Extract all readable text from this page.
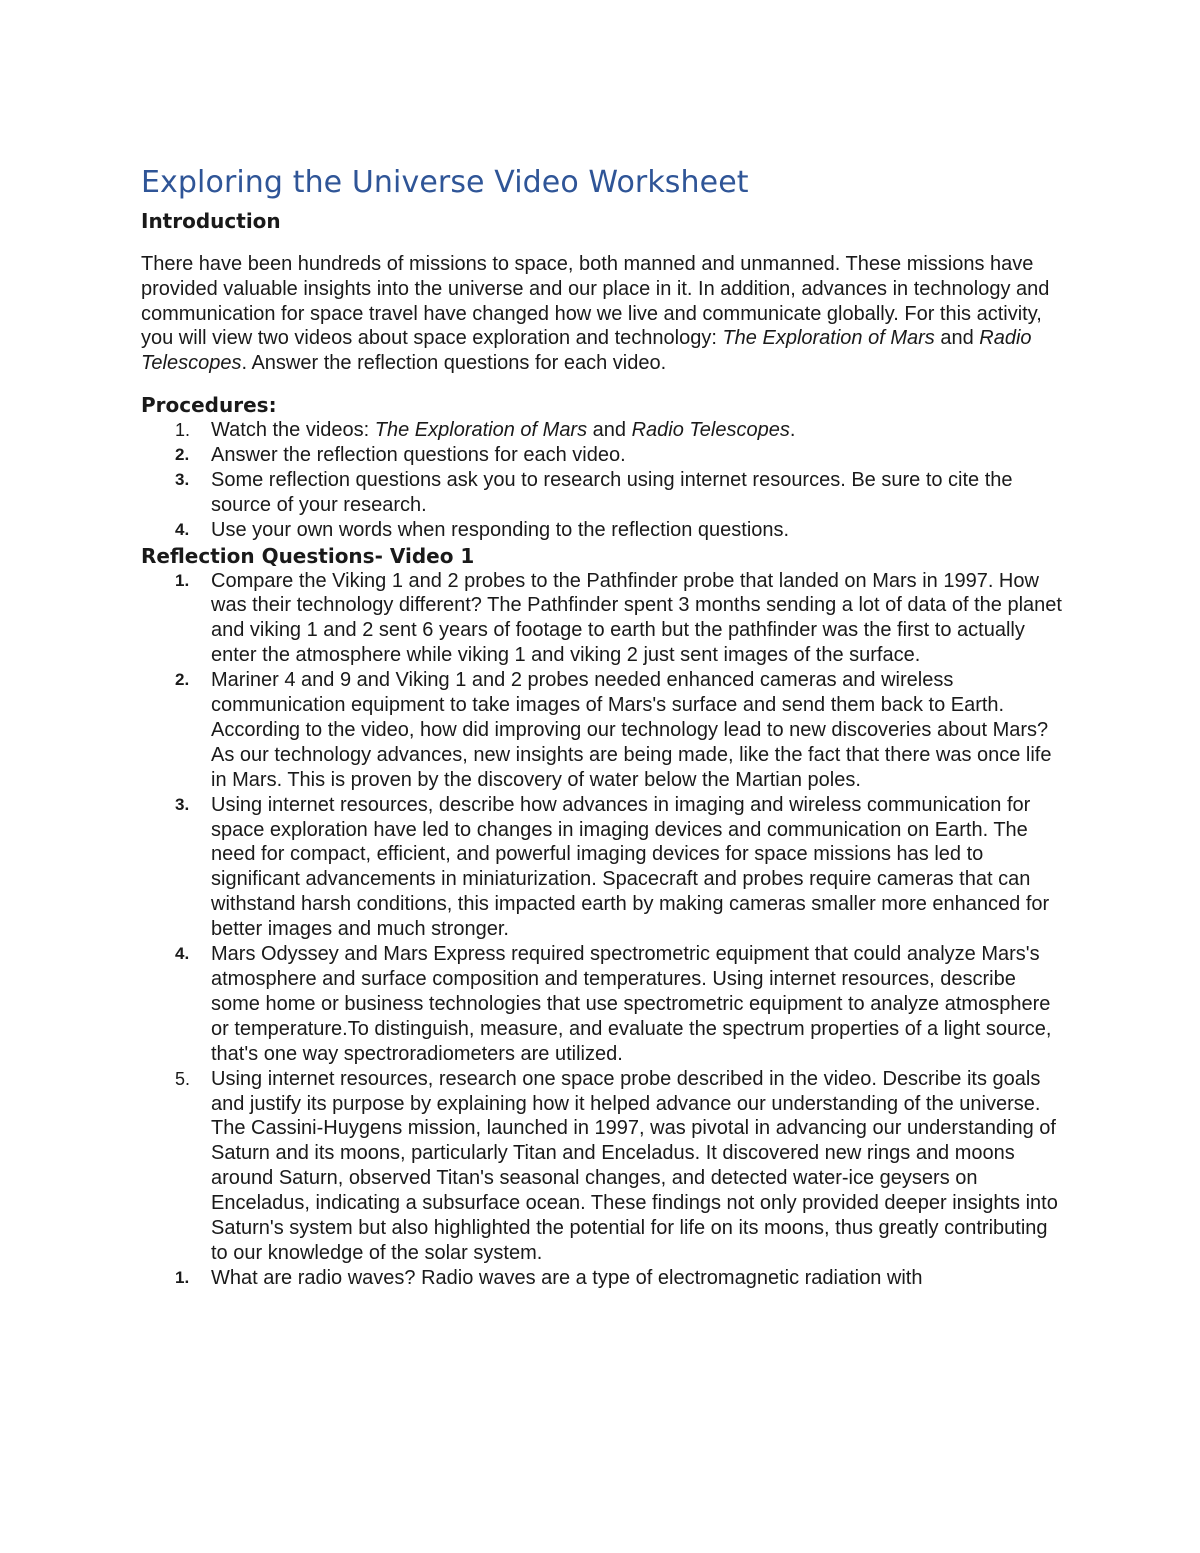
Exploring the Universe Video Worksheet
Introduction

There have been hundreds of missions to space, both manned and unmanned. These missions have provided valuable insights into the universe and our place in it. In addition, advances in technology and communication for space travel have changed how we live and communicate globally. For this activity, you will view two videos about space exploration and technology: The Exploration of Mars and Radio Telescopes. Answer the reflection questions for each video.

Procedures:
1. Watch the videos: The Exploration of Mars and Radio Telescopes.
2. Answer the reflection questions for each video.
3. Some reflection questions ask you to research using internet resources. Be sure to cite the source of your research.
4. Use your own words when responding to the reflection questions.
Reflection Questions- Video 1
1. Compare the Viking 1 and 2 probes to the Pathfinder probe that landed on Mars in 1997. How was their technology different? The Pathfinder spent 3 months sending a lot of data of the planet and viking 1 and 2 sent 6 years of footage to earth but the pathfinder was the first to actually enter the atmosphere while viking 1 and viking 2 just sent images of the surface.
2. Mariner 4 and 9 and Viking 1 and 2 probes needed enhanced cameras and wireless communication equipment to take images of Mars's surface and send them back to Earth. According to the video, how did improving our technology lead to new discoveries about Mars? As our technology advances, new insights are being made, like the fact that there was once life in Mars. This is proven by the discovery of water below the Martian poles.
3. Using internet resources, describe how advances in imaging and wireless communication for space exploration have led to changes in imaging devices and communication on Earth. The need for compact, efficient, and powerful imaging devices for space missions has led to significant advancements in miniaturization. Spacecraft and probes require cameras that can withstand harsh conditions, this impacted earth by making cameras smaller more enhanced for better images and much stronger.
4. Mars Odyssey and Mars Express required spectrometric equipment that could analyze Mars's atmosphere and surface composition and temperatures. Using internet resources, describe some home or business technologies that use spectrometric equipment to analyze atmosphere or temperature.To distinguish, measure, and evaluate the spectrum properties of a light source, that's one way spectroradiometers are utilized.
5. Using internet resources, research one space probe described in the video. Describe its goals and justify its purpose by explaining how it helped advance our understanding of the universe. The Cassini-Huygens mission, launched in 1997, was pivotal in advancing our understanding of Saturn and its moons, particularly Titan and Enceladus. It discovered new rings and moons around Saturn, observed Titan's seasonal changes, and detected water-ice geysers on Enceladus, indicating a subsurface ocean. These findings not only provided deeper insights into Saturn's system but also highlighted the potential for life on its moons, thus greatly contributing to our knowledge of the solar system.
1. What are radio waves? Radio waves are a type of electromagnetic radiation with
